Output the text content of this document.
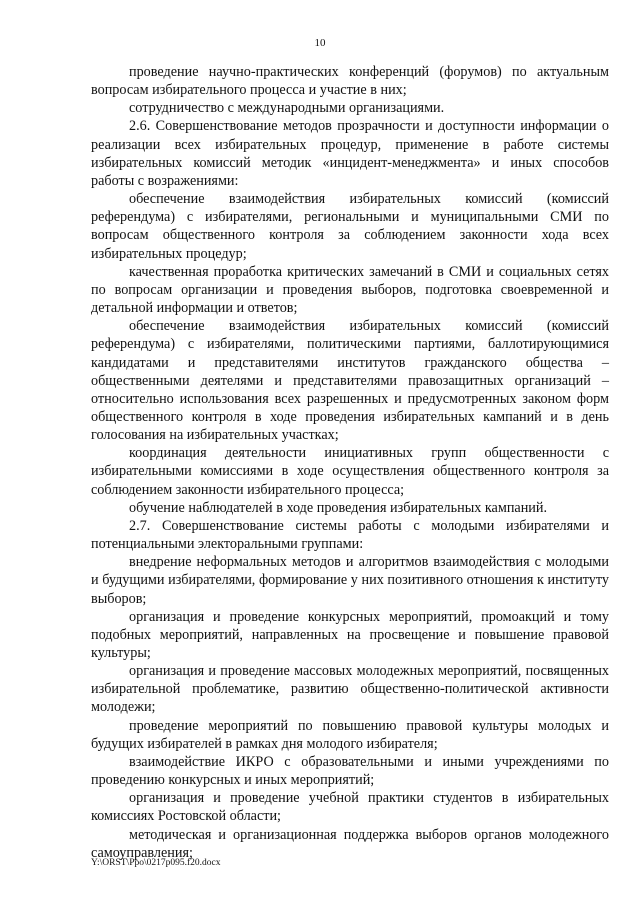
10

проведение научно-практических конференций (форумов) по актуальным вопросам избирательного процесса и участие в них;

сотрудничество с международными организациями.

2.6. Совершенствование методов прозрачности и доступности информации о реализации всех избирательных процедур, применение в работе системы избирательных комиссий методик «инцидент-менеджмента» и иных способов работы с возражениями:

обеспечение взаимодействия избирательных комиссий (комиссий референдума) с избирателями, региональными и муниципальными СМИ по вопросам общественного контроля за соблюдением законности хода всех избирательных процедур;

качественная проработка критических замечаний в СМИ и социальных сетях по вопросам организации и проведения выборов, подготовка своевременной и детальной информации и ответов;

обеспечение взаимодействия избирательных комиссий (комиссий референдума) с избирателями, политическими партиями, баллотирующимися кандидатами и представителями институтов гражданского общества – общественными деятелями и представителями правозащитных организаций – относительно использования всех разрешенных и предусмотренных законом форм общественного контроля в ходе проведения избирательных кампаний и в день голосования на избирательных участках;

координация деятельности инициативных групп общественности с избирательными комиссиями в ходе осуществления общественного контроля за соблюдением законности избирательного процесса;

обучение наблюдателей в ходе проведения избирательных кампаний.

2.7. Совершенствование системы работы с молодыми избирателями и потенциальными электоральными группами:

внедрение неформальных методов и алгоритмов взаимодействия с молодыми и будущими избирателями, формирование у них позитивного отношения к институту выборов;

организация и проведение конкурсных мероприятий, промоакций и тому подобных мероприятий, направленных на просвещение и повышение правовой культуры;

организация и проведение массовых молодежных мероприятий, посвященных избирательной проблематике, развитию общественно-политической активности молодежи;

проведение мероприятий по повышению правовой культуры молодых и будущих избирателей в рамках дня молодого избирателя;

взаимодействие ИКРО с образовательными и иными учреждениями по проведению конкурсных и иных мероприятий;

организация и проведение учебной практики студентов в избирательных комиссиях Ростовской области;

методическая и организационная поддержка выборов органов молодежного самоуправления;

Y:\ORST\Ppo\0217p095.f20.docx
